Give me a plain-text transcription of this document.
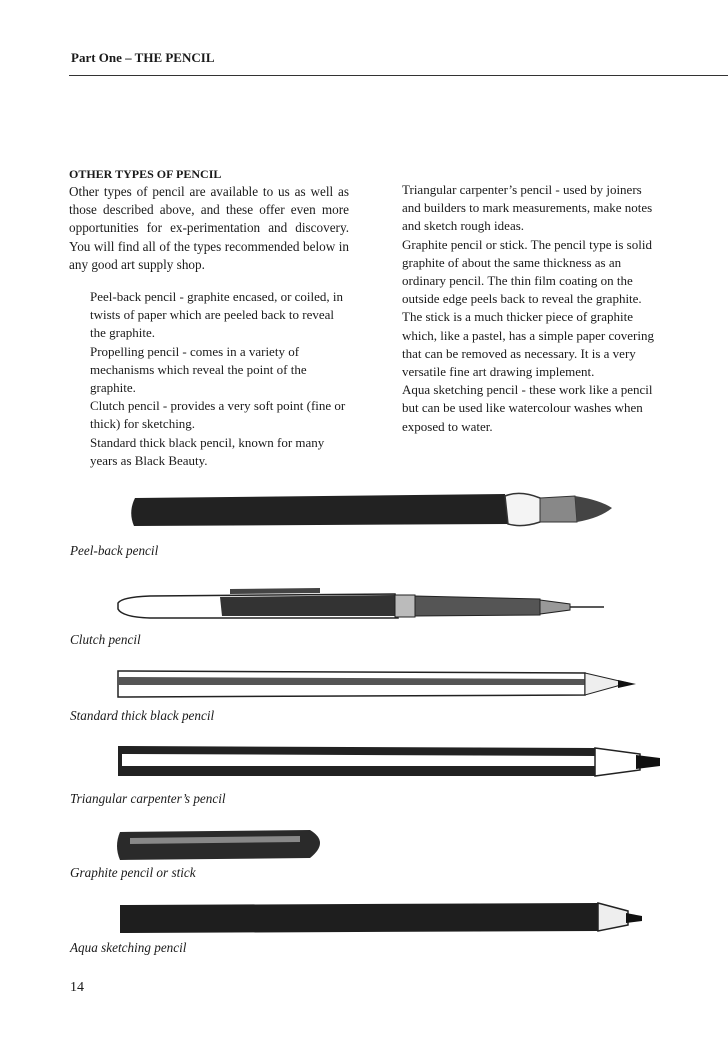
Part One – THE PENCIL
OTHER TYPES OF PENCIL

Other types of pencil are available to us as well as those described above, and these offer even more opportunities for ex-perimentation and discovery. You will find all of the types recommended below in any good art supply shop.

Peel-back pencil - graphite encased, or coiled, in twists of paper which are peeled back to reveal the graphite.
Propelling pencil - comes in a variety of mechanisms which reveal the point of the graphite.
Clutch pencil - provides a very soft point (fine or thick) for sketching.
Standard thick black pencil, known for many years as Black Beauty.
Triangular carpenter’s pencil - used by joiners and builders to mark measurements, make notes and sketch rough ideas.
Graphite pencil or stick. The pencil type is solid graphite of about the same thickness as an ordinary pencil. The thin film coating on the outside edge peels back to reveal the graphite. The stick is a much thicker piece of graphite which, like a pastel, has a simple paper covering that can be removed as necessary. It is a very versatile fine art drawing implement.
Aqua sketching pencil - these work like a pencil but can be used like watercolour washes when exposed to water.
Peel-back pencil
Clutch pencil
Standard thick black pencil
Triangular carpenter’s pencil
Graphite pencil or stick
Aqua sketching pencil
14
